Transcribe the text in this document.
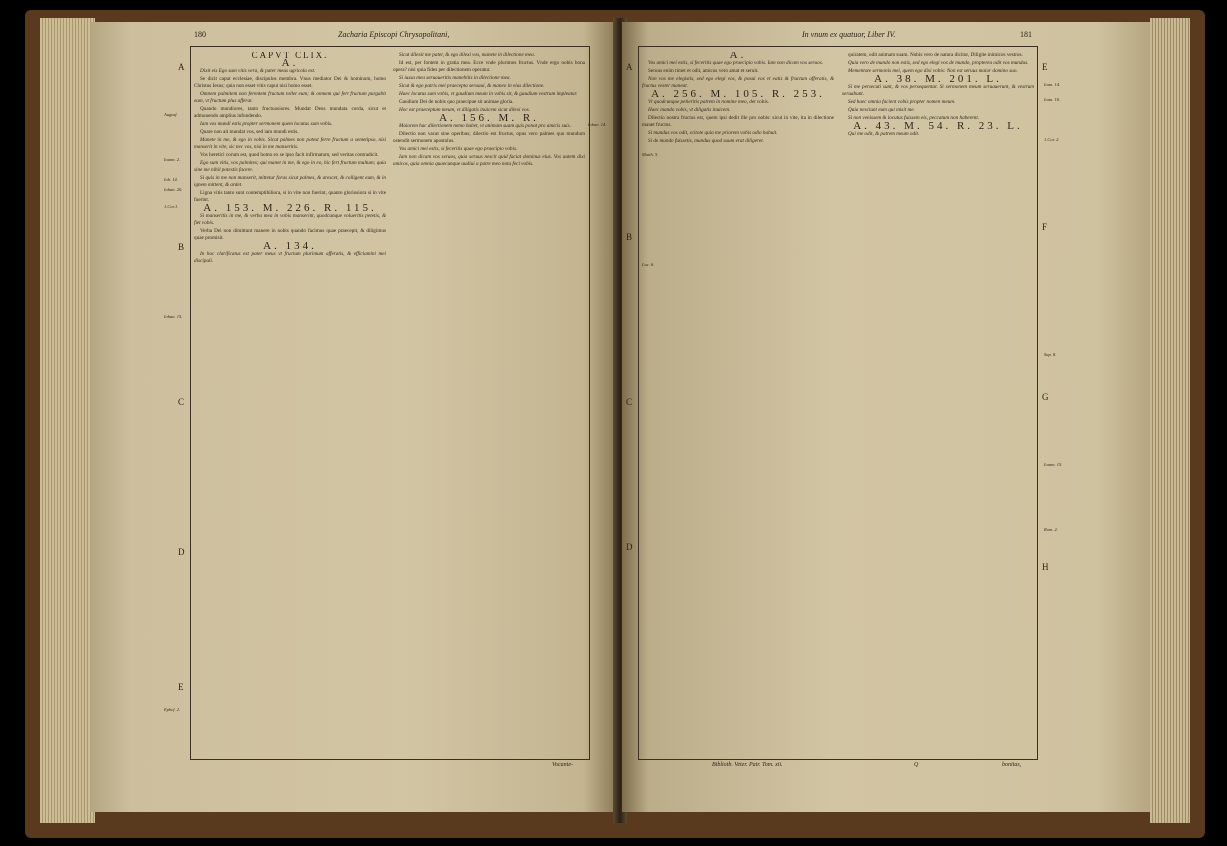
180	Zacharia Episcopi Chrysopolitani,
A
B
C
D
E
Augusf.
Ioann. 2.
Ioh. 14.
Iohan. 20.
1.Cor.1.
Iohan. 15.
Iohan. 14.
Ephef. 2.

CAPVT CLIX.

A.

Dixit eis Ego sum vitis vera, & pater meus agricola est.

Se dicit caput ecclesiae, discipulos membra. Vnus mediator Dei & hominum, homo Christus Iesus; quia non esset vitis caput nisi homo esset.

Omnem palmitem non ferentem fructum tollet eum; & omnem qui fert fructum purgabit eum, vt fructum plus afferat.

Quando mundiores, tanto fructuosiores. Mundat Deus mundata corda, sicut et admonendo amplius infundendo.

Iam vos mundi estis propter sermonem quem locutus sum vobis.

Quare non ait mundat vos, sed iam mundi estis.

Manete in me, & ego in vobis. Sicut palmes non potest ferre fructum a semetipso, nisi manserit in vite, sic nec vos, nisi in me manseritis.

Vos heretici corum est, quod homo ex se ipso facit infirmatum, sed veritas contradicit.

Ego sum vitis, vos palmites; qui manet in me, & ego in eo, hic fert fructum multum; quia sine me nihil potestis facere.

Si quis in me non manserit, mittetur foras sicut palmes, & arescet, & colligent eum, & in ignem mittent, & ardet.

Ligna vitis tanto sunt contemptibiliora, si in vite non fuerint, quanto gloriosiora si in vite fuerint.

A. 153. M. 226. R. 115.

Si manseritis in me, & verba mea in vobis manserint, quodcunque volueritis petetis, & fiet vobis.

Verba Dei non dimittunt manere in nobis quando facimus quae praecepit, & diligimus quae promisit.

A. 134.

In hoc clarificatus est pater meus vt fructum plurimum afferatis, & efficiamini mei discipuli.

Sicut dilexit me pater, & ego dilexi vos, manete in dilectione mea.

Id est, per fontem in gratia mea. Ecce vnde plurimos fructus. Vnde ergo nobis bona opera? nisi quia fides per dilectionem operatur.

Si iussa mea seruaueritis manebitis in dilectione mea.

Sicut & ego patris mei praecepta seruaui, & maneo in eius dilectione.

Haec locutus sum vobis, vt gaudium meum in vobis sit, & gaudium vestrum impleatur.

Gaudium Dei de nobis quo praecipue sit animae gloria.

Hoc est praeceptum meum, vt diligatis inuicem sicut dilexi vos.

A. 156. M. R.

Maiorem hac dilectionem nemo habet, vt animam suam quis ponat pro amicis suis.

Dilectio non vacat sine operibus; dilectio est fructus, opus vero palmes quo mundum ostendit sermonem apostolus.

Vos amici mei estis, si feceritis quae ego praecipio vobis.

Iam non dicam vos seruos, quia seruus nescit quid faciat dominus eius. Vos autem dixi amicos, quia omnia quaecunque audiui a patre meo nota feci vobis.

Vocante-
In vnum ex quatuor, Liber IV.	181
A
B
C
D
E
F
G
H
Ioan. 14.
Ioan. 16.
Matth. 5.
1.Cor. 2.
Luc. 6.
Sap. 8.
Ioann. 15.
Rom. 2.

A.

Vos amici mei estis, si feceritis quae ego praecipio vobis. Iam non dicam vos seruos.

Seruus enim timet et odit, amicus vero amat et seruit.

Non vos me elegistis, sed ego elegi vos, & posui vos vt eatis & fructum afferatis, & fructus vester maneat.

A. 256. M. 105. R. 253.

Vt quodcunque petieritis patrem in nomine meo, det vobis.

Haec mando vobis, vt diligatis inuicem.

Dilectio nostra fructus est, quem ipsi dedit ille pro nobis: sicut in vite, ita in dilectione manet fructus.

Si mundus vos odit, scitote quia me priorem vobis odio habuit.

Si de mundo fuissetis, mundus quod suum erat diligeret.

quiratem, odit animam suam. Nobis vero de natura dicitur, Diligite inimicos vestros.

Quia vero de mundo non estis, sed ego elegi vos de mundo, propterea odit vos mundus.

Mementote sermonis mei, quem ego dixi vobis: Non est seruus maior domino suo.

A. 38. M. 201. L.

Si me persecuti sunt, & vos persequentur. Si sermonem meum seruauerunt, & vestrum seruabunt.

Sed haec omnia facient vobis propter nomen meum.

Quia nesciunt eum qui misit me.

Si non venissem & locutus fuissem eis, peccatum non haberent.

A. 43. M. 54. R. 23. L.

Qui me odit, & patrem meum odit.

Bibliotb. Veter. Patr. Tom. xii.	Q	bonitas,
